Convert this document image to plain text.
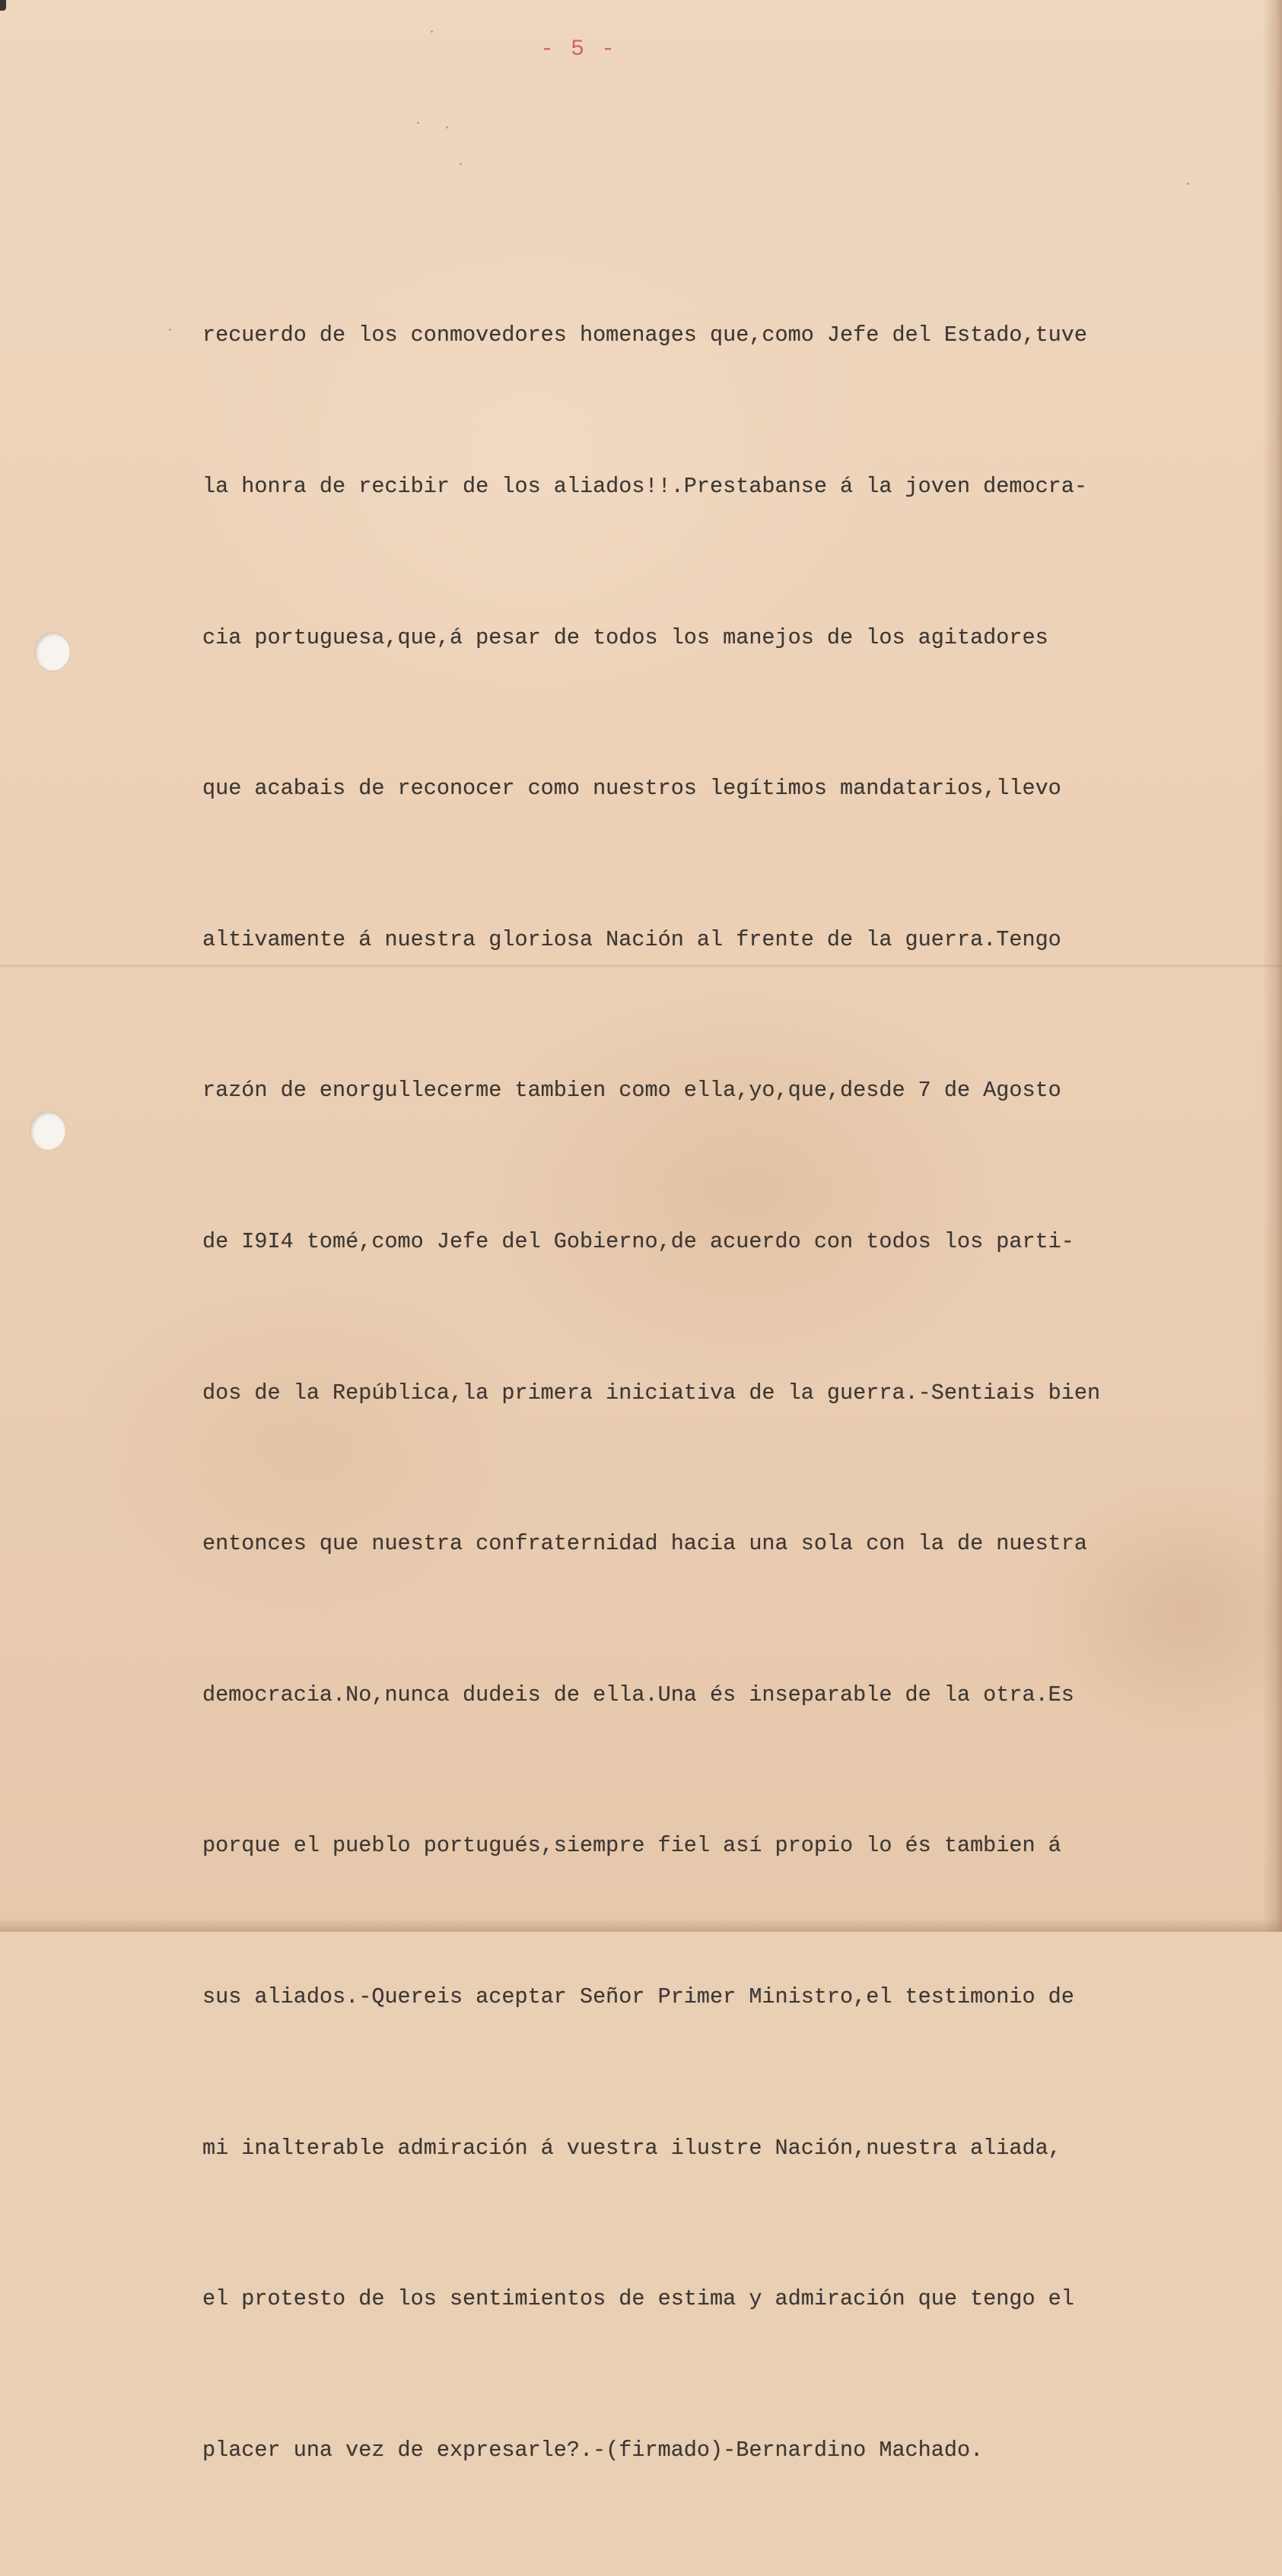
- 5 -

recuerdo de los conmovedores homenages que,como Jefe del Estado,tuve

la honra de recibir de los aliados!!.Prestabanse á la joven democra-

cia portuguesa,que,á pesar de todos los manejos de los agitadores

que acabais de reconocer como nuestros legítimos mandatarios,llevo

altivamente á nuestra gloriosa Nación al frente de la guerra.Tengo

razón de enorgullecerme tambien como ella,yo,que,desde 7 de Agosto

de I9I4 tomé,como Jefe del Gobierno,de acuerdo con todos los parti-

dos de la República,la primera iniciativa de la guerra.-Sentiais bien

entonces que nuestra confraternidad hacia una sola con la de nuestra

democracia.No,nunca dudeis de ella.Una és inseparable de la otra.Es

porque el pueblo portugués,siempre fiel así propio lo és tambien á

sus aliados.-Quereis aceptar Señor Primer Ministro,el testimonio de

mi inalterable admiración á vuestra ilustre Nación,nuestra aliada,

el protesto de los sentimientos de estima y admiración que tengo el

placer una vez de expresarle?.-(firmado)-Bernardino Machado.
